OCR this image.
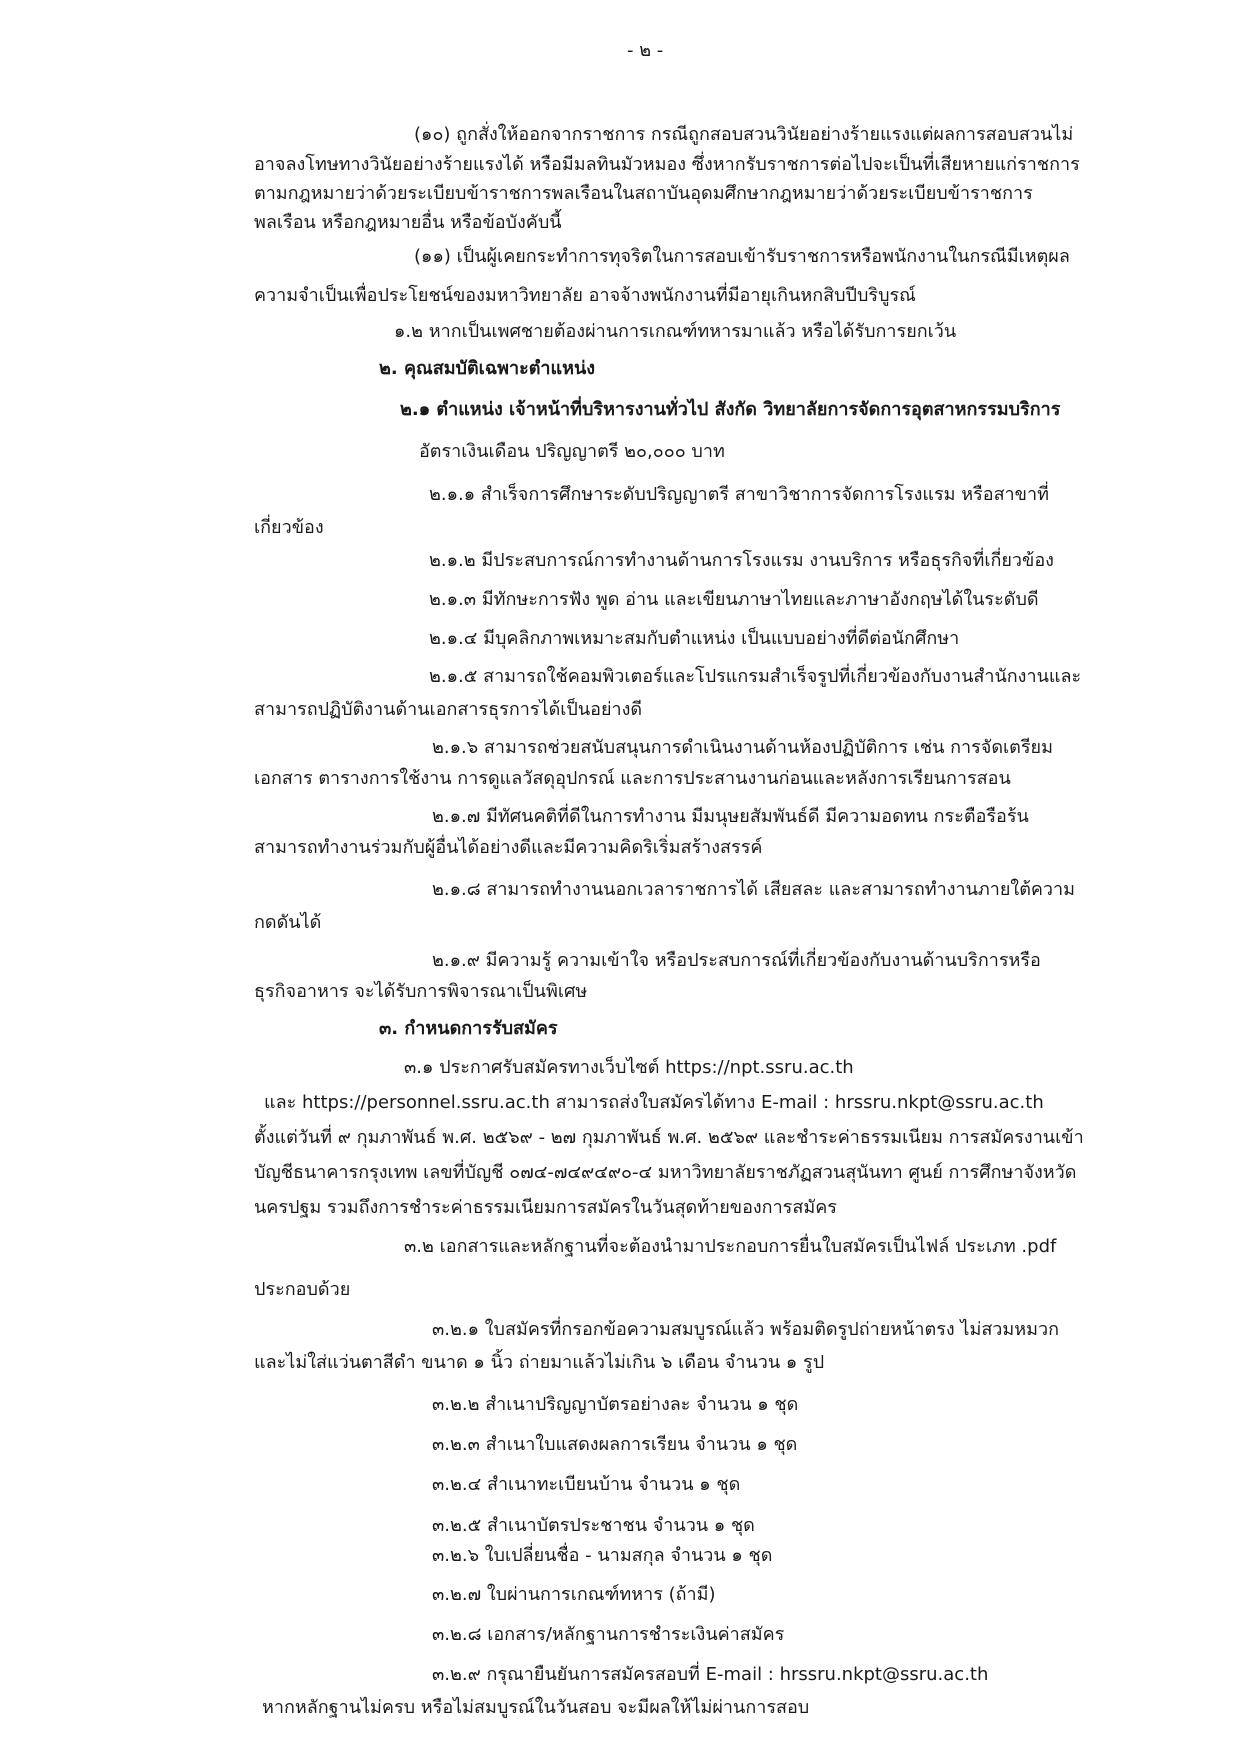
- ๒ -
(๑๐) ถูกสั่งให้ออกจากราชการ กรณีถูกสอบสวนวินัยอย่างร้ายแรงแต่ผลการสอบสวนไม่
อาจลงโทษทางวินัยอย่างร้ายแรงได้ หรือมีมลทินมัวหมอง ซึ่งหากรับราชการต่อไปจะเป็นที่เสียหายแก่ราชการ
ตามกฎหมายว่าด้วยระเบียบข้าราชการพลเรือนในสถาบันอุดมศึกษากฎหมายว่าด้วยระเบียบข้าราชการ
พลเรือน หรือกฎหมายอื่น หรือข้อบังคับนี้
(๑๑) เป็นผู้เคยกระทำการทุจริตในการสอบเข้ารับราชการหรือพนักงานในกรณีมีเหตุผล
ความจำเป็นเพื่อประโยชน์ของมหาวิทยาลัย อาจจ้างพนักงานที่มีอายุเกินหกสิบปีบริบูรณ์
๑.๒ หากเป็นเพศชายต้องผ่านการเกณฑ์ทหารมาแล้ว หรือได้รับการยกเว้น
๒. คุณสมบัติเฉพาะตำแหน่ง
๒.๑ ตำแหน่ง เจ้าหน้าที่บริหารงานทั่วไป สังกัด วิทยาลัยการจัดการอุตสาหกรรมบริการ
อัตราเงินเดือน ปริญญาตรี ๒๐,๐๐๐ บาท
๒.๑.๑ สำเร็จการศึกษาระดับปริญญาตรี สาขาวิชาการจัดการโรงแรม หรือสาขาที่
เกี่ยวข้อง
๒.๑.๒ มีประสบการณ์การทำงานด้านการโรงแรม งานบริการ หรือธุรกิจที่เกี่ยวข้อง
๒.๑.๓ มีทักษะการฟัง พูด อ่าน และเขียนภาษาไทยและภาษาอังกฤษได้ในระดับดี
๒.๑.๔ มีบุคลิกภาพเหมาะสมกับตำแหน่ง เป็นแบบอย่างที่ดีต่อนักศึกษา
๒.๑.๕ สามารถใช้คอมพิวเตอร์และโปรแกรมสำเร็จรูปที่เกี่ยวข้องกับงานสำนักงานและ
สามารถปฏิบัติงานด้านเอกสารธุรการได้เป็นอย่างดี
๒.๑.๖ สามารถช่วยสนับสนุนการดำเนินงานด้านห้องปฏิบัติการ เช่น การจัดเตรียม
เอกสาร ตารางการใช้งาน การดูแลวัสดุอุปกรณ์ และการประสานงานก่อนและหลังการเรียนการสอน
๒.๑.๗ มีทัศนคติที่ดีในการทำงาน มีมนุษยสัมพันธ์ดี มีความอดทน กระตือรือร้น
สามารถทำงานร่วมกับผู้อื่นได้อย่างดีและมีความคิดริเริ่มสร้างสรรค์
๒.๑.๘ สามารถทำงานนอกเวลาราชการได้ เสียสละ และสามารถทำงานภายใต้ความ
กดดันได้
๒.๑.๙ มีความรู้ ความเข้าใจ หรือประสบการณ์ที่เกี่ยวข้องกับงานด้านบริการหรือ
ธุรกิจอาหาร จะได้รับการพิจารณาเป็นพิเศษ
๓. กำหนดการรับสมัคร
๓.๑ ประกาศรับสมัครทางเว็บไซต์ https://npt.ssru.ac.th
และ https://personnel.ssru.ac.th สามารถส่งใบสมัครได้ทาง E-mail : hrssru.nkpt@ssru.ac.th
ตั้งแต่วันที่ ๙ กุมภาพันธ์ พ.ศ. ๒๕๖๙ - ๒๗ กุมภาพันธ์ พ.ศ. ๒๕๖๙ และชำระค่าธรรมเนียม การสมัครงานเข้า
บัญชีธนาคารกรุงเทพ เลขที่บัญชี ๐๗๔-๗๔๙๔๙๐-๔ มหาวิทยาลัยราชภัฏสวนสุนันทา ศูนย์ การศึกษาจังหวัด
นครปฐม รวมถึงการชำระค่าธรรมเนียมการสมัครในวันสุดท้ายของการสมัคร
๓.๒ เอกสารและหลักฐานที่จะต้องนำมาประกอบการยื่นใบสมัครเป็นไฟล์ ประเภท .pdf
ประกอบด้วย
๓.๒.๑ ใบสมัครที่กรอกข้อความสมบูรณ์แล้ว พร้อมติดรูปถ่ายหน้าตรง ไม่สวมหมวก
และไม่ใส่แว่นตาสีดำ ขนาด ๑ นิ้ว ถ่ายมาแล้วไม่เกิน ๖ เดือน จำนวน ๑ รูป
๓.๒.๒ สำเนาปริญญาบัตรอย่างละ จำนวน ๑ ชุด
๓.๒.๓ สำเนาใบแสดงผลการเรียน จำนวน ๑ ชุด
๓.๒.๔ สำเนาทะเบียนบ้าน จำนวน ๑ ชุด
๓.๒.๕ สำเนาบัตรประชาชน จำนวน ๑ ชุด
๓.๒.๖ ใบเปลี่ยนชื่อ - นามสกุล จำนวน ๑ ชุด
๓.๒.๗ ใบผ่านการเกณฑ์ทหาร (ถ้ามี)
๓.๒.๘ เอกสาร/หลักฐานการชำระเงินค่าสมัคร
๓.๒.๙ กรุณายืนยันการสมัครสอบที่ E-mail : hrssru.nkpt@ssru.ac.th
หากหลักฐานไม่ครบ หรือไม่สมบูรณ์ในวันสอบ จะมีผลให้ไม่ผ่านการสอบ
